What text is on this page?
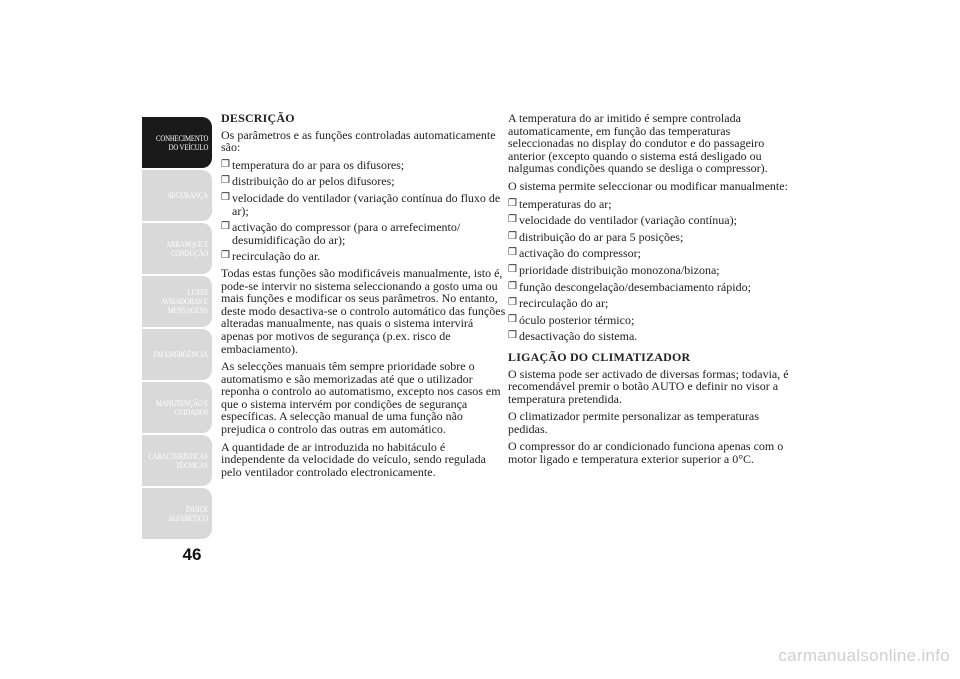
CONHECIMENTO
DO VEÍCULO
SEGURANÇA
ARRANQUE E
CONDUÇÃO
LUZES
AVISADORAS E
MENSAGENS
EM EMERGÊNCIA
MANUTENÇÃO E
CUIDADOS
CARACTERÍSTICAS
TÉCNICAS
ÍNDICE
ALFABÉTICO
46
DESCRIÇÃO

Os parâmetros e as funções controladas automaticamente são:

❒ temperatura do ar para os difusores;
❒ distribuição do ar pelos difusores;
❒ velocidade do ventilador (variação contínua do fluxo de ar);
❒ activação do compressor (para o arrefecimento/ desumidificação do ar);
❒ recirculação do ar.

Todas estas funções são modificáveis manualmente, isto é, pode-se intervir no sistema seleccionando a gosto uma ou mais funções e modificar os seus parâmetros. No entanto, deste modo desactiva-se o controlo automático das funções alteradas manualmente, nas quais o sistema intervirá apenas por motivos de segurança (p.ex. risco de embaciamento).

As selecções manuais têm sempre prioridade sobre o automatismo e são memorizadas até que o utilizador reponha o controlo ao automatismo, excepto nos casos em que o sistema intervém por condições de segurança específicas. A selecção manual de uma função não prejudica o controlo das outras em automático.

A quantidade de ar introduzida no habitáculo é independente da velocidade do veículo, sendo regulada pelo ventilador controlado electronicamente.

A temperatura do ar imitido é sempre controlada automaticamente, em função das temperaturas seleccionadas no display do condutor e do passageiro anterior (excepto quando o sistema está desligado ou nalgumas condições quando se desliga o compressor).

O sistema permite seleccionar ou modificar manualmente:

❒ temperaturas do ar;
❒ velocidade do ventilador (variação contínua);
❒ distribuição do ar para 5 posições;
❒ activação do compressor;
❒ prioridade distribuição monozona/bizona;
❒ função descongelação/desembaciamento rápido;
❒ recirculação do ar;
❒ óculo posterior térmico;
❒ desactivação do sistema.
LIGAÇÃO DO CLIMATIZADOR

O sistema pode ser activado de diversas formas; todavia, é recomendável premir o botão AUTO e definir no visor a temperatura pretendida.

O climatizador permite personalizar as temperaturas pedidas.

O compressor do ar condicionado funciona apenas com o motor ligado e temperatura exterior superior a 0°C.

carmanualsonline.info
